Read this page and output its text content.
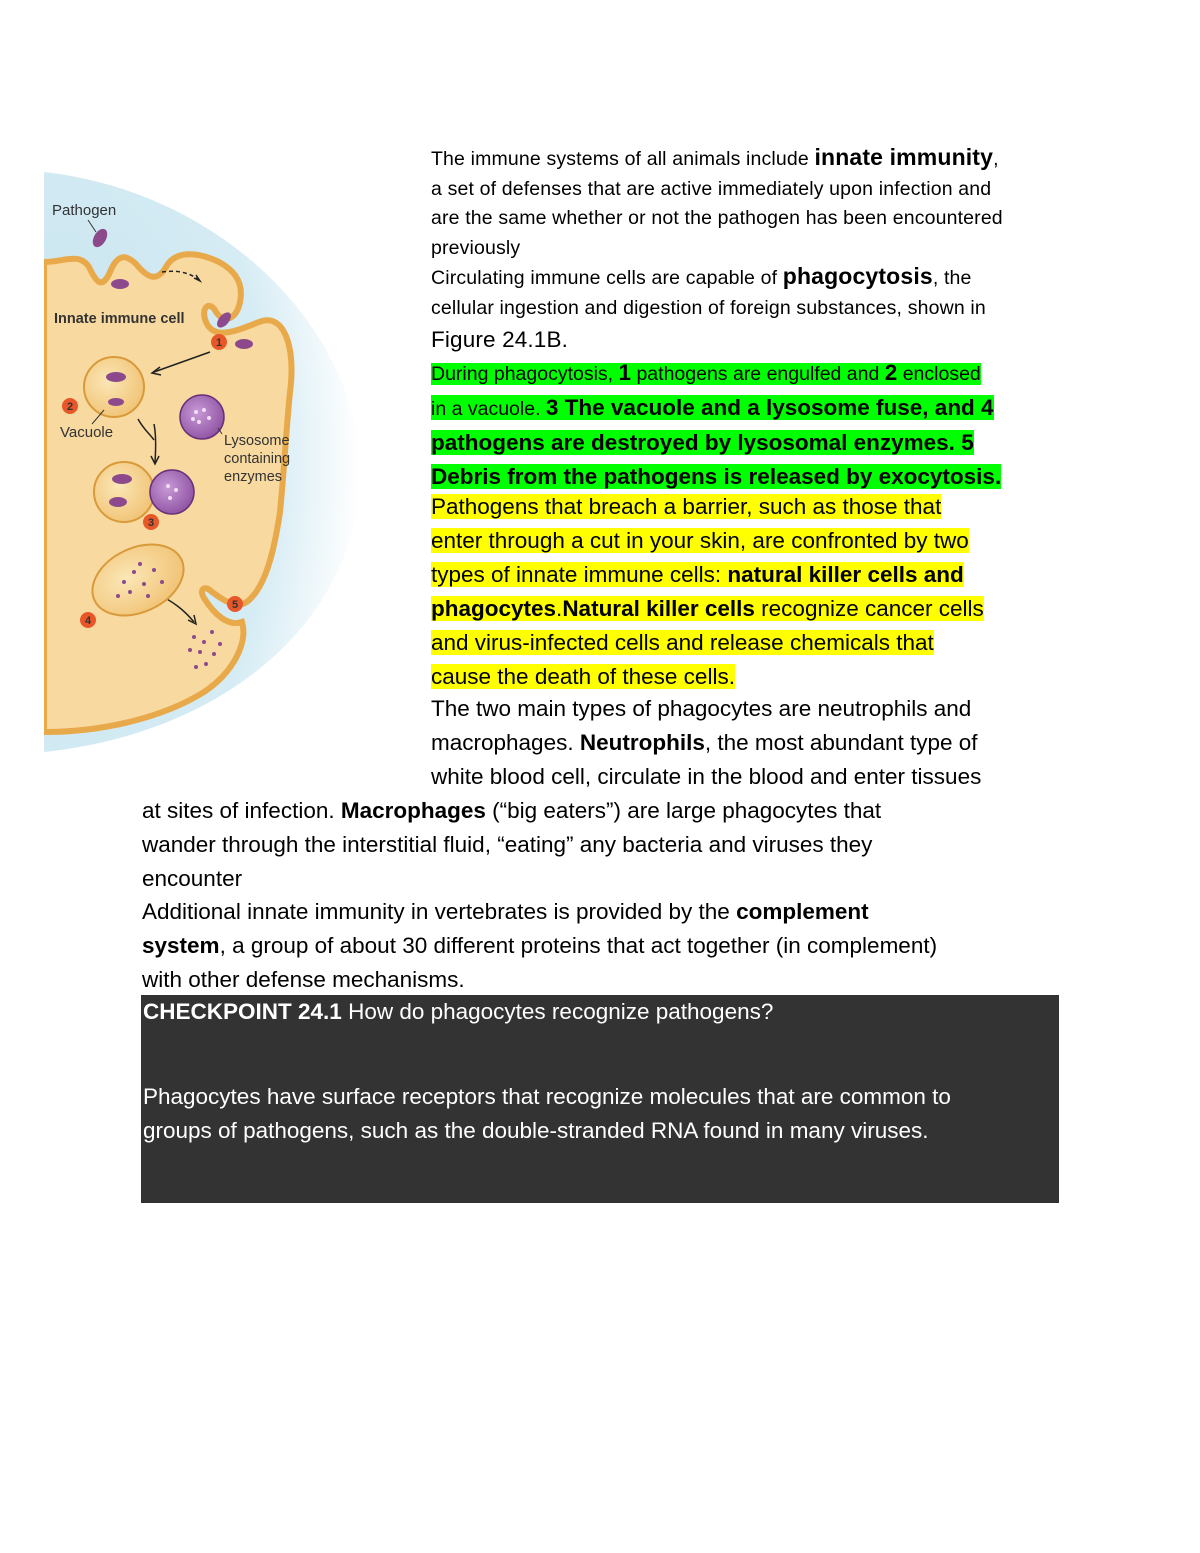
1
2
3
4
5
Pathogen
Innate immune cell
Vacuole	Lysosome
containing
enzymes
The immune systems of all animals include innate immunity,
a set of defenses that are active immediately upon infection and
are the same whether or not the pathogen has been encountered
previously
Circulating immune cells are capable of phagocytosis, the
cellular ingestion and digestion of foreign substances, shown in
Figure 24.1B.
During phagocytosis, 1 pathogens are engulfed and 2 enclosed
in a vacuole. 3 The vacuole and a lysosome fuse, and 4
pathogens are destroyed by lysosomal enzymes. 5
Debris from the pathogens is released by exocytosis.
Pathogens that breach a barrier, such as those that
enter through a cut in your skin, are confronted by two
types of innate immune cells: natural killer cells and
phagocytes.Natural killer cells recognize cancer cells
and virus-infected cells and release chemicals that
cause the death of these cells.
The two main types of phagocytes are neutrophils and
macrophages. Neutrophils, the most abundant type of
white blood cell, circulate in the blood and enter tissues
at sites of infection. Macrophages (“big eaters”) are large phagocytes that
wander through the interstitial fluid, “eating” any bacteria and viruses they
encounter
Additional innate immunity in vertebrates is provided by the complement
system, a group of about 30 different proteins that act together (in complement)
with other defense mechanisms.
CHECKPOINT 24.1 How do phagocytes recognize pathogens?
Phagocytes have surface receptors that recognize molecules that are common to
groups of pathogens, such as the double-stranded RNA found in many viruses.
